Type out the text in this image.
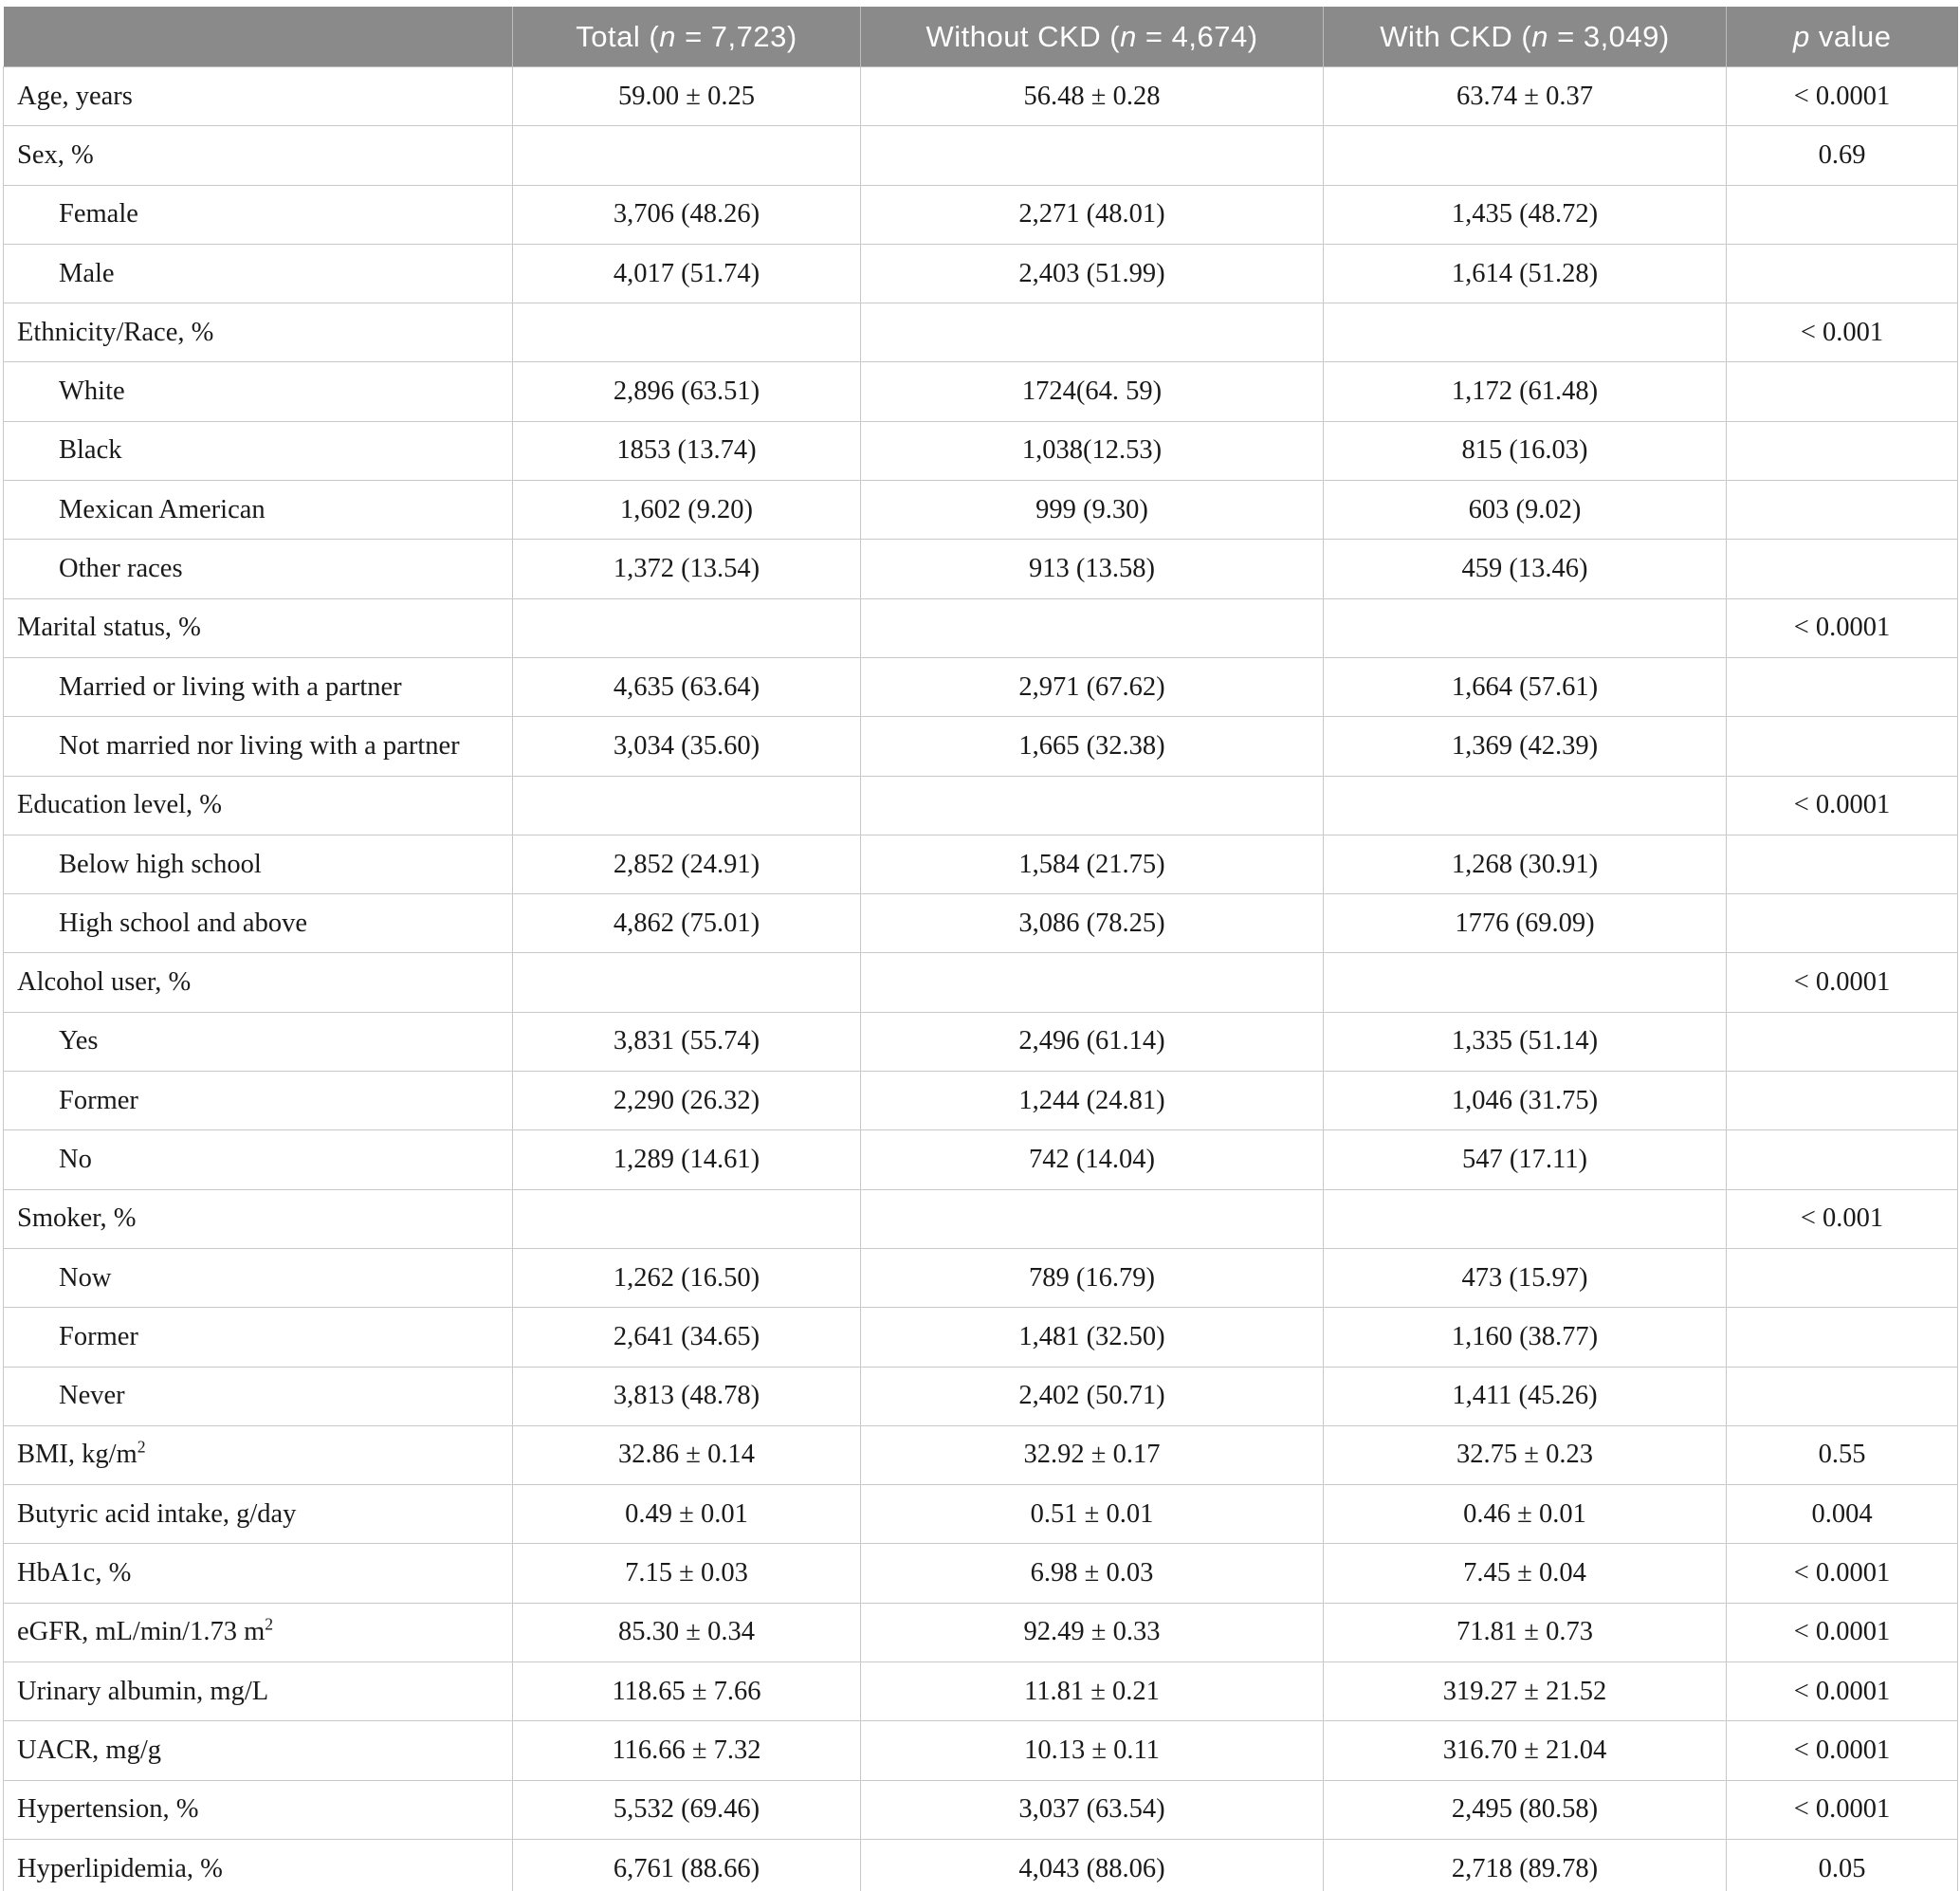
	Total (n = 7,723)	Without CKD (n = 4,674)	With CKD (n = 3,049)	p value
Age, years	59.00 ± 0.25	56.48 ± 0.28	63.74 ± 0.37	< 0.0001
Sex, %				0.69
Female	3,706 (48.26)	2,271 (48.01)	1,435 (48.72)	
Male	4,017 (51.74)	2,403 (51.99)	1,614 (51.28)	
Ethnicity/Race, %				< 0.001
White	2,896 (63.51)	1724(64. 59)	1,172 (61.48)	
Black	1853 (13.74)	1,038(12.53)	815 (16.03)	
Mexican American	1,602 (9.20)	999 (9.30)	603 (9.02)	
Other races	1,372 (13.54)	913 (13.58)	459 (13.46)	
Marital status, %				< 0.0001
Married or living with a partner	4,635 (63.64)	2,971 (67.62)	1,664 (57.61)	
Not married nor living with a partner	3,034 (35.60)	1,665 (32.38)	1,369 (42.39)	
Education level, %				< 0.0001
Below high school	2,852 (24.91)	1,584 (21.75)	1,268 (30.91)	
High school and above	4,862 (75.01)	3,086 (78.25)	1776 (69.09)	
Alcohol user, %				< 0.0001
Yes	3,831 (55.74)	2,496 (61.14)	1,335 (51.14)	
Former	2,290 (26.32)	1,244 (24.81)	1,046 (31.75)	
No	1,289 (14.61)	742 (14.04)	547 (17.11)	
Smoker, %				< 0.001
Now	1,262 (16.50)	789 (16.79)	473 (15.97)	
Former	2,641 (34.65)	1,481 (32.50)	1,160 (38.77)	
Never	3,813 (48.78)	2,402 (50.71)	1,411 (45.26)	
BMI, $kg/m^2$	32.86 ± 0.14	32.92 ± 0.17	32.75 ± 0.23	0.55
Butyric acid intake, g/day	0.49 ± 0.01	0.51 ± 0.01	0.46 ± 0.01	0.004
HbA1c, %	7.15 ± 0.03	6.98 ± 0.03	7.45 ± 0.04	< 0.0001
eGFR, mL/min/1.73 $m^2$	85.30 ± 0.34	92.49 ± 0.33	71.81 ± 0.73	< 0.0001
Urinary albumin, mg/L	118.65 ± 7.66	11.81 ± 0.21	319.27 ± 21.52	< 0.0001
UACR, mg/g	116.66 ± 7.32	10.13 ± 0.11	316.70 ± 21.04	< 0.0001
Hypertension, %	5,532 (69.46)	3,037 (63.54)	2,495 (80.58)	< 0.0001
Hyperlipidemia, %	6,761 (88.66)	4,043 (88.06)	2,718 (89.78)	0.05
